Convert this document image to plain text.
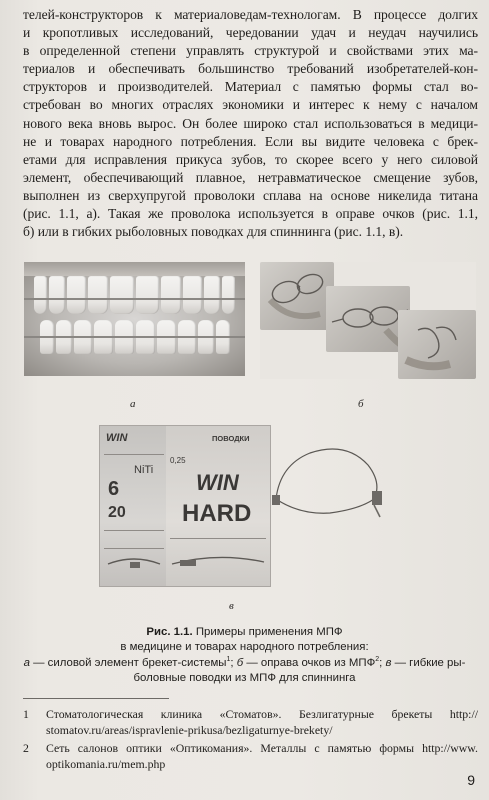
телей-конструкторов к материаловедам-технологам. В процессе долгих
и кропотливых исследований, чередовании удач и неудач научились
в определенной степени управлять структурой и свойствами этих ма-
териалов и обеспечивать большинство требований изобретателей-кон-
структоров и производителей. Материал с памятью формы стал во-
стребован во многих отраслях экономики и интерес к нему с началом
нового века вновь вырос. Он более широко стал использоваться в медици-
не и товарах народного потребления. Если вы видите человека с брек-
етами для исправления прикуса зубов, то скорее всего у него силовой
элемент, обеспечивающий плавное, нетравматическое смещение зубов,
выполнен из сверхупругой проволоки сплава на основе никелида титана
(рис. 1.1, а). Такая же проволока используется в оправе очков (рис. 1.1,
б) или в гибких рыболовных поводках для спиннинга (рис. 1.1, в).
а	б
WIN
NiTi
6
20
ПОВОДКИ
0,25
WIN
HARD
в
Рис. 1.1. Примеры применения МПФ
в медицине и товарах народного потребления:
а — силовой элемент брекет-системы$^1$; б — оправа очков из МПФ$^2$; в — гибкие ры-
боловные поводки из МПФ для спиннинга
1 Стоматологическая клиника «Стоматов». Безлигатурные брекеты http:// stomatov.ru/areas/ispravlenie-prikusa/bezligaturnye-brekety/
2 Сеть салонов оптики «Оптикомания». Металлы с памятью формы http://www. optikomania.ru/mem.php
9
